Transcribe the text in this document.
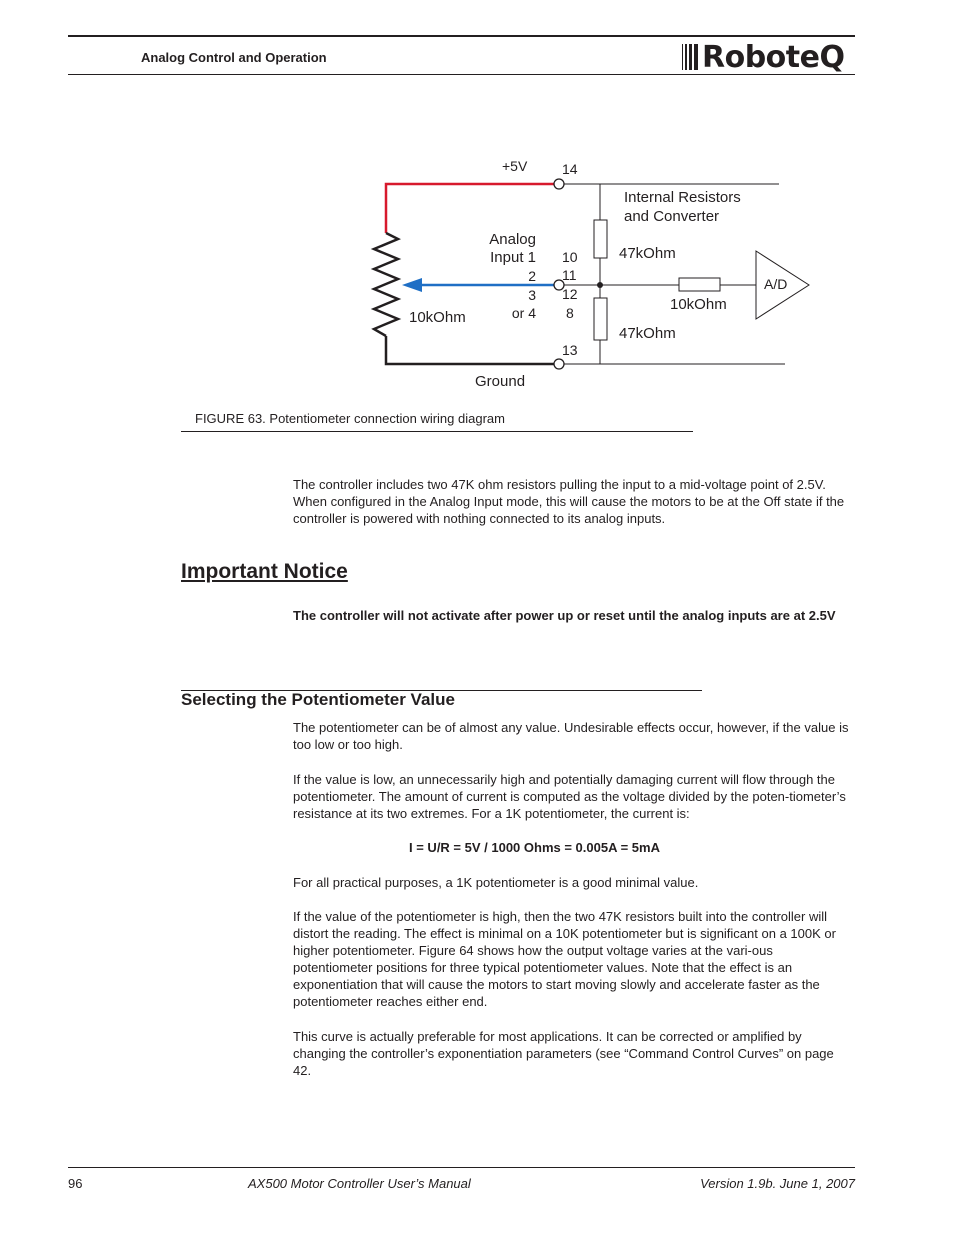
Analog Control and Operation	RoboteQ
+5V 14
Internal Resistors
and Converter
Analog
Input 1
2
3
or 4
10
11
12
8
47kOhm
47kOhm
A/D
10kOhm
10kOhm
13
Ground
FIGURE 63. Potentiometer connection wiring diagram
The controller includes two 47K ohm resistors pulling the input to a mid-voltage point of 2.5V. When configured in the Analog Input mode, this will cause the motors to be at the Off state if the controller is powered with nothing connected to its analog inputs.
Important Notice
The controller will not activate after power up or reset until the analog inputs are at 2.5V
Selecting the Potentiometer Value
The potentiometer can be of almost any value. Undesirable effects occur, however, if the value is too low or too high.
If the value is low, an unnecessarily high and potentially damaging current will flow through the potentiometer. The amount of current is computed as the voltage divided by the poten-tiometer’s resistance at its two extremes. For a 1K potentiometer, the current is:
I = U/R = 5V / 1000 Ohms = 0.005A = 5mA
For all practical purposes, a 1K potentiometer is a good minimal value.
If the value of the potentiometer is high, then the two 47K resistors built into the controller will distort the reading. The effect is minimal on a 10K potentiometer but is significant on a 100K or higher potentiometer. Figure 64 shows how the output voltage varies at the vari-ous potentiometer positions for three typical potentiometer values. Note that the effect is an exponentiation that will cause the motors to start moving slowly and accelerate faster as the potentiometer reaches either end.
This curve is actually preferable for most applications. It can be corrected or amplified by changing the controller’s exponentiation parameters (see “Command Control Curves” on page 42.
96	AX500 Motor Controller User’s Manual	Version 1.9b. June 1, 2007
